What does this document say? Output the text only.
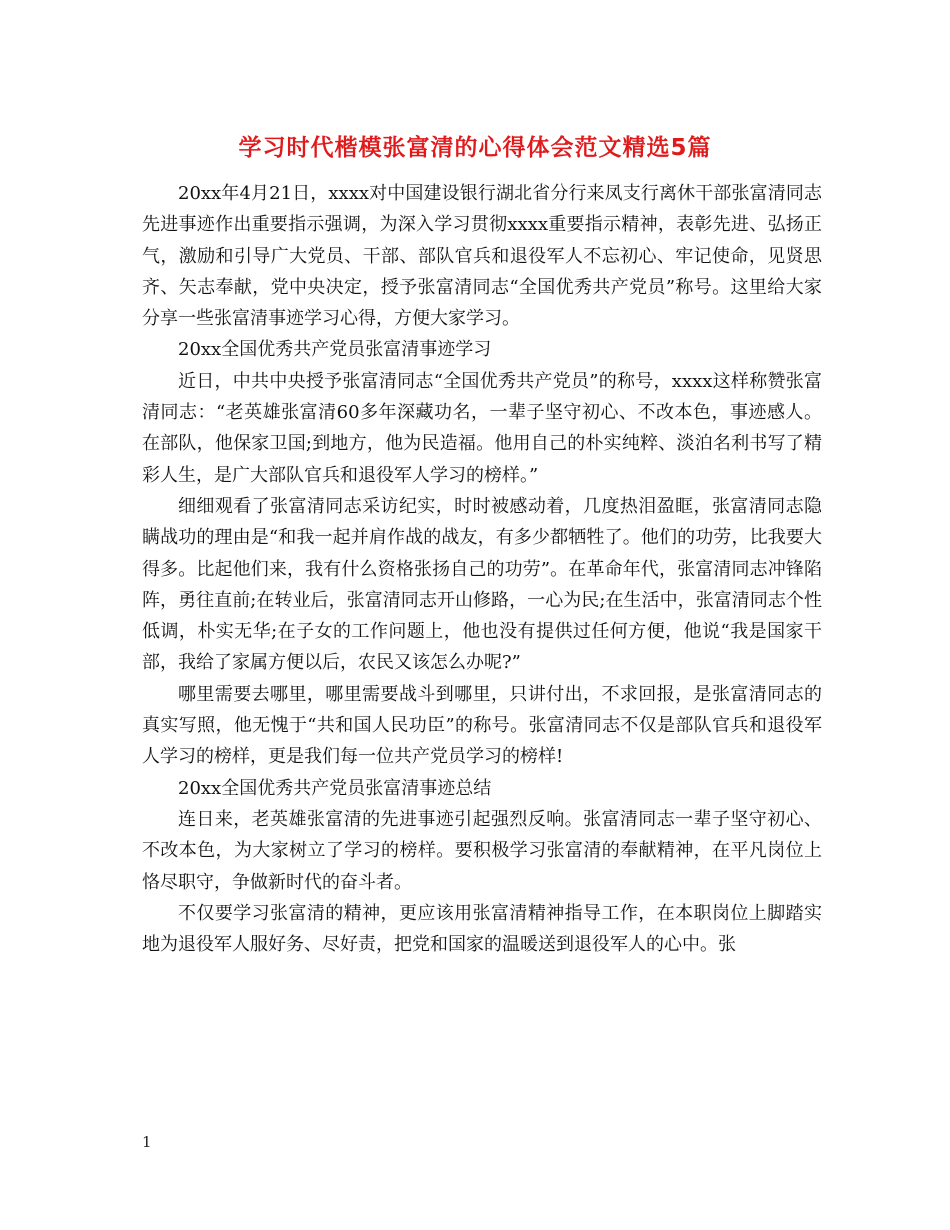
学习时代楷模张富清的心得体会范文精选5篇

20xx年4月21日，xxxx对中国建设银行湖北省分行来凤支行离休干部张富清同志先进事迹作出重要指示强调，为深入学习贯彻xxxx重要指示精神，表彰先进、弘扬正气，激励和引导广大党员、干部、部队官兵和退役军人不忘初心、牢记使命，见贤思齐、矢志奉献，党中央决定，授予张富清同志“全国优秀共产党员”称号。这里给大家分享一些张富清事迹学习心得，方便大家学习。

20xx全国优秀共产党员张富清事迹学习

近日，中共中央授予张富清同志“全国优秀共产党员”的称号，xxxx这样称赞张富清同志：“老英雄张富清60多年深藏功名，一辈子坚守初心、不改本色，事迹感人。在部队，他保家卫国;到地方，他为民造福。他用自己的朴实纯粹、淡泊名利书写了精彩人生，是广大部队官兵和退役军人学习的榜样。”

细细观看了张富清同志采访纪实，时时被感动着，几度热泪盈眶，张富清同志隐瞒战功的理由是“和我一起并肩作战的战友，有多少都牺牲了。他们的功劳，比我要大得多。比起他们来，我有什么资格张扬自己的功劳”。在革命年代，张富清同志冲锋陷阵，勇往直前;在转业后，张富清同志开山修路，一心为民;在生活中，张富清同志个性低调，朴实无华;在子女的工作问题上，他也没有提供过任何方便，他说“我是国家干部，我给了家属方便以后，农民又该怎么办呢?”

哪里需要去哪里，哪里需要战斗到哪里，只讲付出，不求回报，是张富清同志的真实写照，他无愧于“共和国人民功臣”的称号。张富清同志不仅是部队官兵和退役军人学习的榜样，更是我们每一位共产党员学习的榜样!

20xx全国优秀共产党员张富清事迹总结

连日来，老英雄张富清的先进事迹引起强烈反响。张富清同志一辈子坚守初心、不改本色，为大家树立了学习的榜样。要积极学习张富清的奉献精神，在平凡岗位上恪尽职守，争做新时代的奋斗者。

不仅要学习张富清的精神，更应该用张富清精神指导工作，在本职岗位上脚踏实地为退役军人服好务、尽好责，把党和国家的温暖送到退役军人的心中。张

1
